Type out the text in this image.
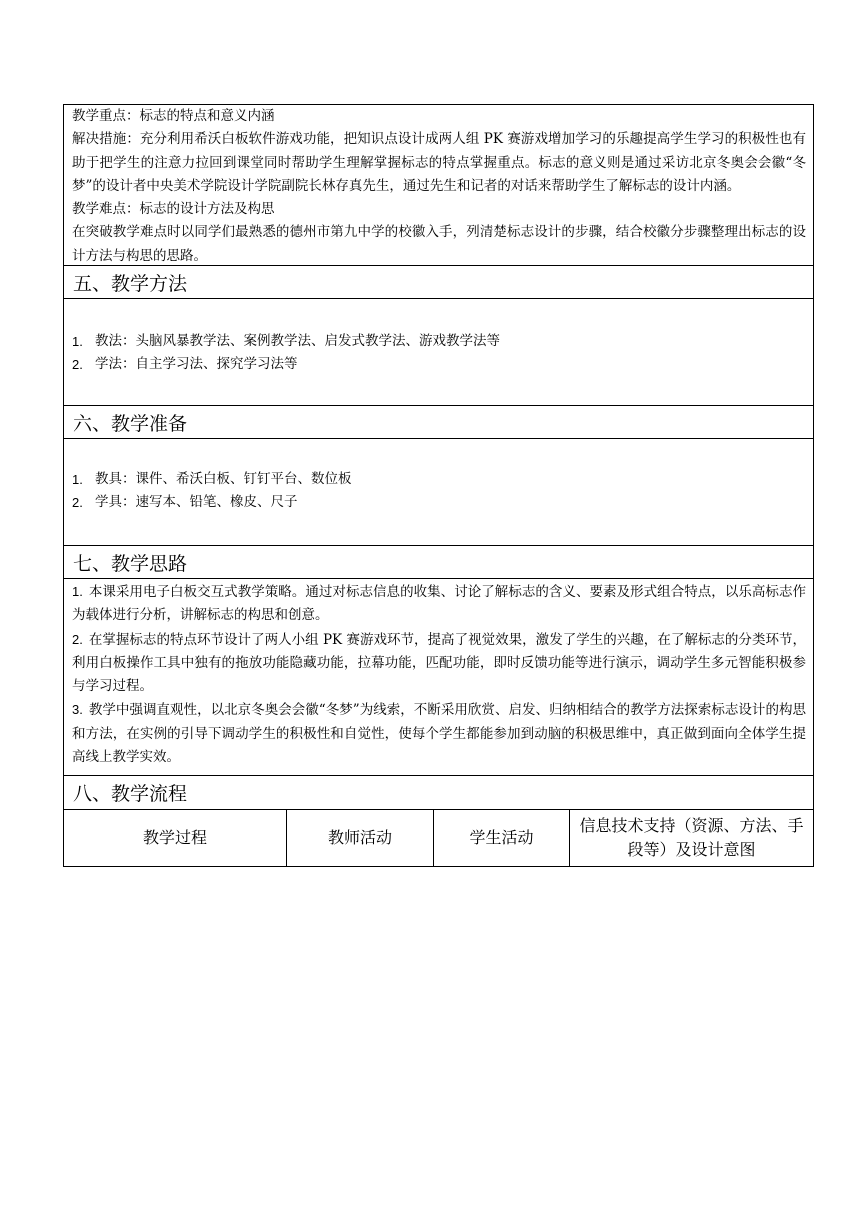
教学重点：标志的特点和意义内涵

解决措施：充分利用希沃白板软件游戏功能，把知识点设计成两人组 PK 赛游戏增加学习的乐趣提高学生学习的积极性也有助于把学生的注意力拉回到课堂同时帮助学生理解掌握标志的特点掌握重点。标志的意义则是通过采访北京冬奥会会徽“冬梦”的设计者中央美术学院设计学院副院长林存真先生，通过先生和记者的对话来帮助学生了解标志的设计内涵。

教学难点：标志的设计方法及构思

在突破教学难点时以同学们最熟悉的德州市第九中学的校徽入手，列清楚标志设计的步骤，结合校徽分步骤整理出标志的设计方法与构思的思路。

五、教学方法
1. 教法：头脑风暴教学法、案例教学法、启发式教学法、游戏教学法等
2. 学法：自主学习法、探究学习法等
六、教学准备
1. 教具：课件、希沃白板、钉钉平台、数位板
2. 学具：速写本、铅笔、橡皮、尺子
七、教学思路

1. 本课采用电子白板交互式教学策略。通过对标志信息的收集、讨论了解标志的含义、要素及形式组合特点，以乐高标志作为载体进行分析，讲解标志的构思和创意。

2. 在掌握标志的特点环节设计了两人小组 PK 赛游戏环节，提高了视觉效果，激发了学生的兴趣，在了解标志的分类环节，利用白板操作工具中独有的拖放功能隐藏功能，拉幕功能，匹配功能，即时反馈功能等进行演示，调动学生多元智能积极参与学习过程。

3. 教学中强调直观性，以北京冬奥会会徽“冬梦”为线索，不断采用欣赏、启发、归纳相结合的教学方法探索标志设计的构思和方法，在实例的引导下调动学生的积极性和自觉性，使每个学生都能参加到动脑的积极思维中，真正做到面向全体学生提高线上教学实效。

八、教学流程
教学过程	教师活动	学生活动
信息技术支持（资源、方法、手段等）及设计意图
